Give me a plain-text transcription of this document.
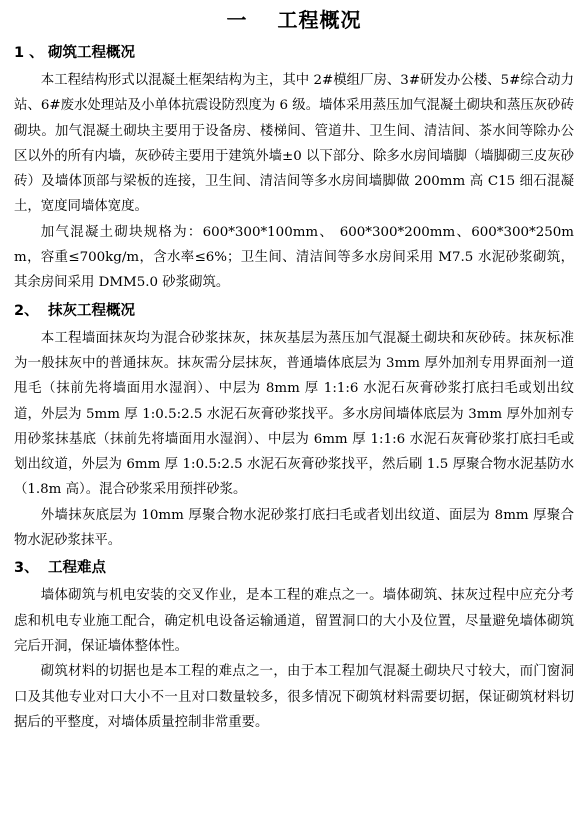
一 工程概况
1 、 砌筑工程概况

本工程结构形式以混凝土框架结构为主，其中 2#模组厂房、3#研发办公楼、5#综合动力站、6#废水处理站及小单体抗震设防烈度为 6 级。墙体采用蒸压加气混凝土砌块和蒸压灰砂砖砌块。加气混凝土砌块主要用于设备房、楼梯间、管道井、卫生间、清洁间、茶水间等除办公区以外的所有内墙，灰砂砖主要用于建筑外墙±0 以下部分、除多水房间墙脚（墙脚砌三皮灰砂砖）及墙体顶部与梁板的连接，卫生间、清洁间等多水房间墙脚做 200mm 高 C15 细石混凝土，宽度同墙体宽度。

加气混凝土砌块规格为：600*300*100mm、 600*300*200mm、600*300*250mm，容重≤700kg/m，含水率≤6%；卫生间、清洁间等多水房间采用 M7.5 水泥砂浆砌筑，其余房间采用 DMM5.0 砂浆砌筑。

2、 抹灰工程概况

本工程墙面抹灰均为混合砂浆抹灰，抹灰基层为蒸压加气混凝土砌块和灰砂砖。抹灰标准为一般抹灰中的普通抹灰。抹灰需分层抹灰，普通墙体底层为 3mm 厚外加剂专用界面剂一道甩毛（抹前先将墙面用水湿润）、中层为 8mm 厚 1:1:6 水泥石灰膏砂浆打底扫毛或划出纹道，外层为 5mm 厚 1:0.5:2.5 水泥石灰膏砂浆找平。多水房间墙体底层为 3mm 厚外加剂专用砂浆抹基底（抹前先将墙面用水湿润）、中层为 6mm 厚 1:1:6 水泥石灰膏砂浆打底扫毛或划出纹道，外层为 6mm 厚 1:0.5:2.5 水泥石灰膏砂浆找平，然后刷 1.5 厚聚合物水泥基防水（1.8m 高）。混合砂浆采用预拌砂浆。

外墙抹灰底层为 10mm 厚聚合物水泥砂浆打底扫毛或者划出纹道、面层为 8mm 厚聚合物水泥砂浆抹平。

3、 工程难点

墙体砌筑与机电安装的交叉作业，是本工程的难点之一。墙体砌筑、抹灰过程中应充分考虑和机电专业施工配合，确定机电设备运输通道，留置洞口的大小及位置，尽量避免墙体砌筑完后开洞，保证墙体整体性。

砌筑材料的切据也是本工程的难点之一，由于本工程加气混凝土砌块尺寸较大，而门窗洞口及其他专业对口大小不一且对口数量较多，很多情况下砌筑材料需要切据，保证砌筑材料切据后的平整度，对墙体质量控制非常重要。
